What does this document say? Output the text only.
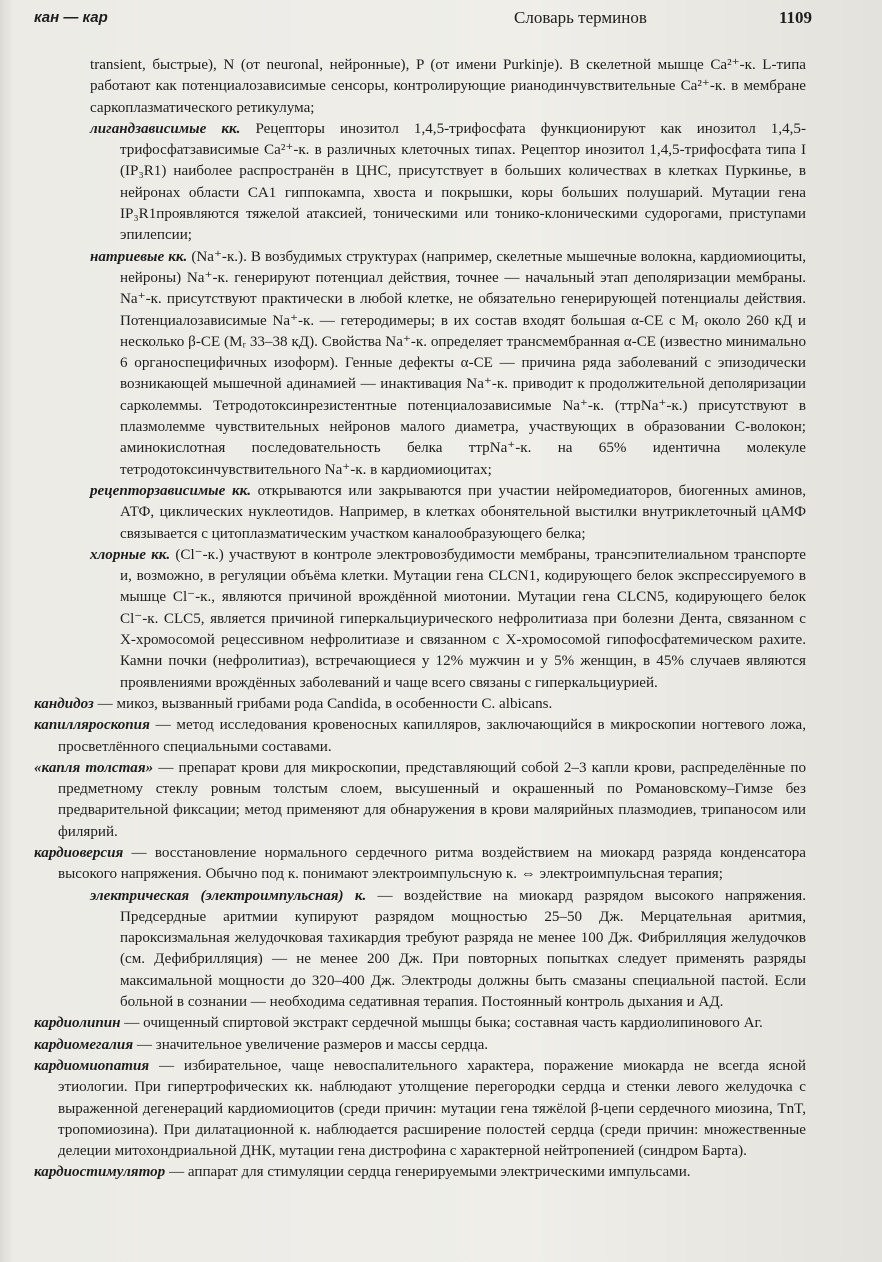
кан — кар	Словарь терминов	1109

transient, быстрые), N (от neuronal, нейронные), P (от имени Purkinje). В скелетной мышце Ca²⁺-к. L-типа работают как потенциалозависимые сенсоры, контролирующие рианодинчувствительные Ca²⁺-к. в мембране саркоплазматического ретикулума;

лигандзависимые кк. Рецепторы инозитол 1,4,5-трифосфата функционируют как инозитол 1,4,5-трифосфатзависимые Ca²⁺-к. в различных клеточных типах. Рецептор инозитол 1,4,5-трифосфата типа I (IP₃R1) наиболее распространён в ЦНС, присутствует в больших количествах в клетках Пуркинье, в нейронах области CA1 гиппокампа, хвоста и покрышки, коры больших полушарий. Мутации гена IP₃R1проявляются тяжелой атаксией, тоническими или тонико-клоническими судорогами, приступами эпилепсии;

натриевые кк. (Na⁺-к.). В возбудимых структурах (например, скелетные мышечные волокна, кардиомиоциты, нейроны) Na⁺-к. генерируют потенциал действия, точнее — начальный этап деполяризации мембраны. Na⁺-к. присутствуют практически в любой клетке, не обязательно генерирующей потенциалы действия. Потенциалозависимые Na⁺-к. — гетеродимеры; в их состав входят большая α-CE с Mᵣ около 260 кД и несколько β-CE (Mᵣ 33–38 кД). Свойства Na⁺-к. определяет трансмембранная α-CE (известно минимально 6 органоспецифичных изоформ). Генные дефекты α-CE — причина ряда заболеваний с эпизодически возникающей мышечной адинамией — инактивация Na⁺-к. приводит к продолжительной деполяризации сарколеммы. Тетродотоксинрезистентные потенциалозависимые Na⁺-к. (ттрNa⁺-к.) присутствуют в плазмолемме чувствительных нейронов малого диаметра, участвующих в образовании C-волокон; аминокислотная последовательность белка ттрNa⁺-к. на 65% идентична молекуле тетродотоксинчувствительного Na⁺-к. в кардиомиоцитах;

рецепторзависимые кк. открываются или закрываются при участии нейромедиаторов, биогенных аминов, АТФ, циклических нуклеотидов. Например, в клетках обонятельной выстилки внутриклеточный цАМФ связывается с цитоплазматическим участком каналообразующего белка;

хлорные кк. (Cl⁻-к.) участвуют в контроле электровозбудимости мембраны, трансэпителиальном транспорте и, возможно, в регуляции объёма клетки. Мутации гена CLCN1, кодирующего белок экспрессируемого в мышце Cl⁻-к., являются причиной врождённой миотонии. Мутации гена CLCN5, кодирующего белок Cl⁻-к. CLC5, является причиной гиперкальциурического нефролитиаза при болезни Дента, связанном с X-хромосомой рецессивном нефролитиазе и связанном с X-хромосомой гипофосфатемическом рахите. Камни почки (нефролитиаз), встречающиеся у 12% мужчин и у 5% женщин, в 45% случаев являются проявлениями врождённых заболеваний и чаще всего связаны с гиперкальциурией.

кандидоз — микоз, вызванный грибами рода Candida, в особенности C. albicans.

капилляроскопия — метод исследования кровеносных капилляров, заключающийся в микроскопии ногтевого ложа, просветлённого специальными составами.

«капля толстая» — препарат крови для микроскопии, представляющий собой 2–3 капли крови, распределённые по предметному стеклу ровным толстым слоем, высушенный и окрашенный по Романовскому–Гимзе без предварительной фиксации; метод применяют для обнаружения в крови малярийных плазмодиев, трипаносом или филярий.

кардиоверсия — восстановление нормального сердечного ритма воздействием на миокард разряда конденсатора высокого напряжения. Обычно под к. понимают электроимпульсную к. ⇔ электроимпульсная терапия;

электрическая (электроимпульсная) к. — воздействие на миокард разрядом высокого напряжения. Предсердные аритмии купируют разрядом мощностью 25–50 Дж. Мерцательная аритмия, пароксизмальная желудочковая тахикардия требуют разряда не менее 100 Дж. Фибрилляция желудочков (см. Дефибрилляция) — не менее 200 Дж. При повторных попытках следует применять разряды максимальной мощности до 320–400 Дж. Электроды должны быть смазаны специальной пастой. Если больной в сознании — необходима седативная терапия. Постоянный контроль дыхания и АД.

кардиолипин — очищенный спиртовой экстракт сердечной мышцы быка; составная часть кардиолипинового Аг.

кардиомегалия — значительное увеличение размеров и массы сердца.

кардиомиопатия — избирательное, чаще невоспалительного характера, поражение миокарда не всегда ясной этиологии. При гипертрофических кк. наблюдают утолщение перегородки сердца и стенки левого желудочка с выраженной дегенераций кардиомиоцитов (среди причин: мутации гена тяжёлой β-цепи сердечного миозина, TnT, тропомиозина). При дилатационной к. наблюдается расширение полостей сердца (среди причин: множественные делеции митохондриальной ДНК, мутации гена дистрофина с характерной нейтропенией (синдром Барта).

кардиостимулятор — аппарат для стимуляции сердца генерируемыми электрическими импульсами.
